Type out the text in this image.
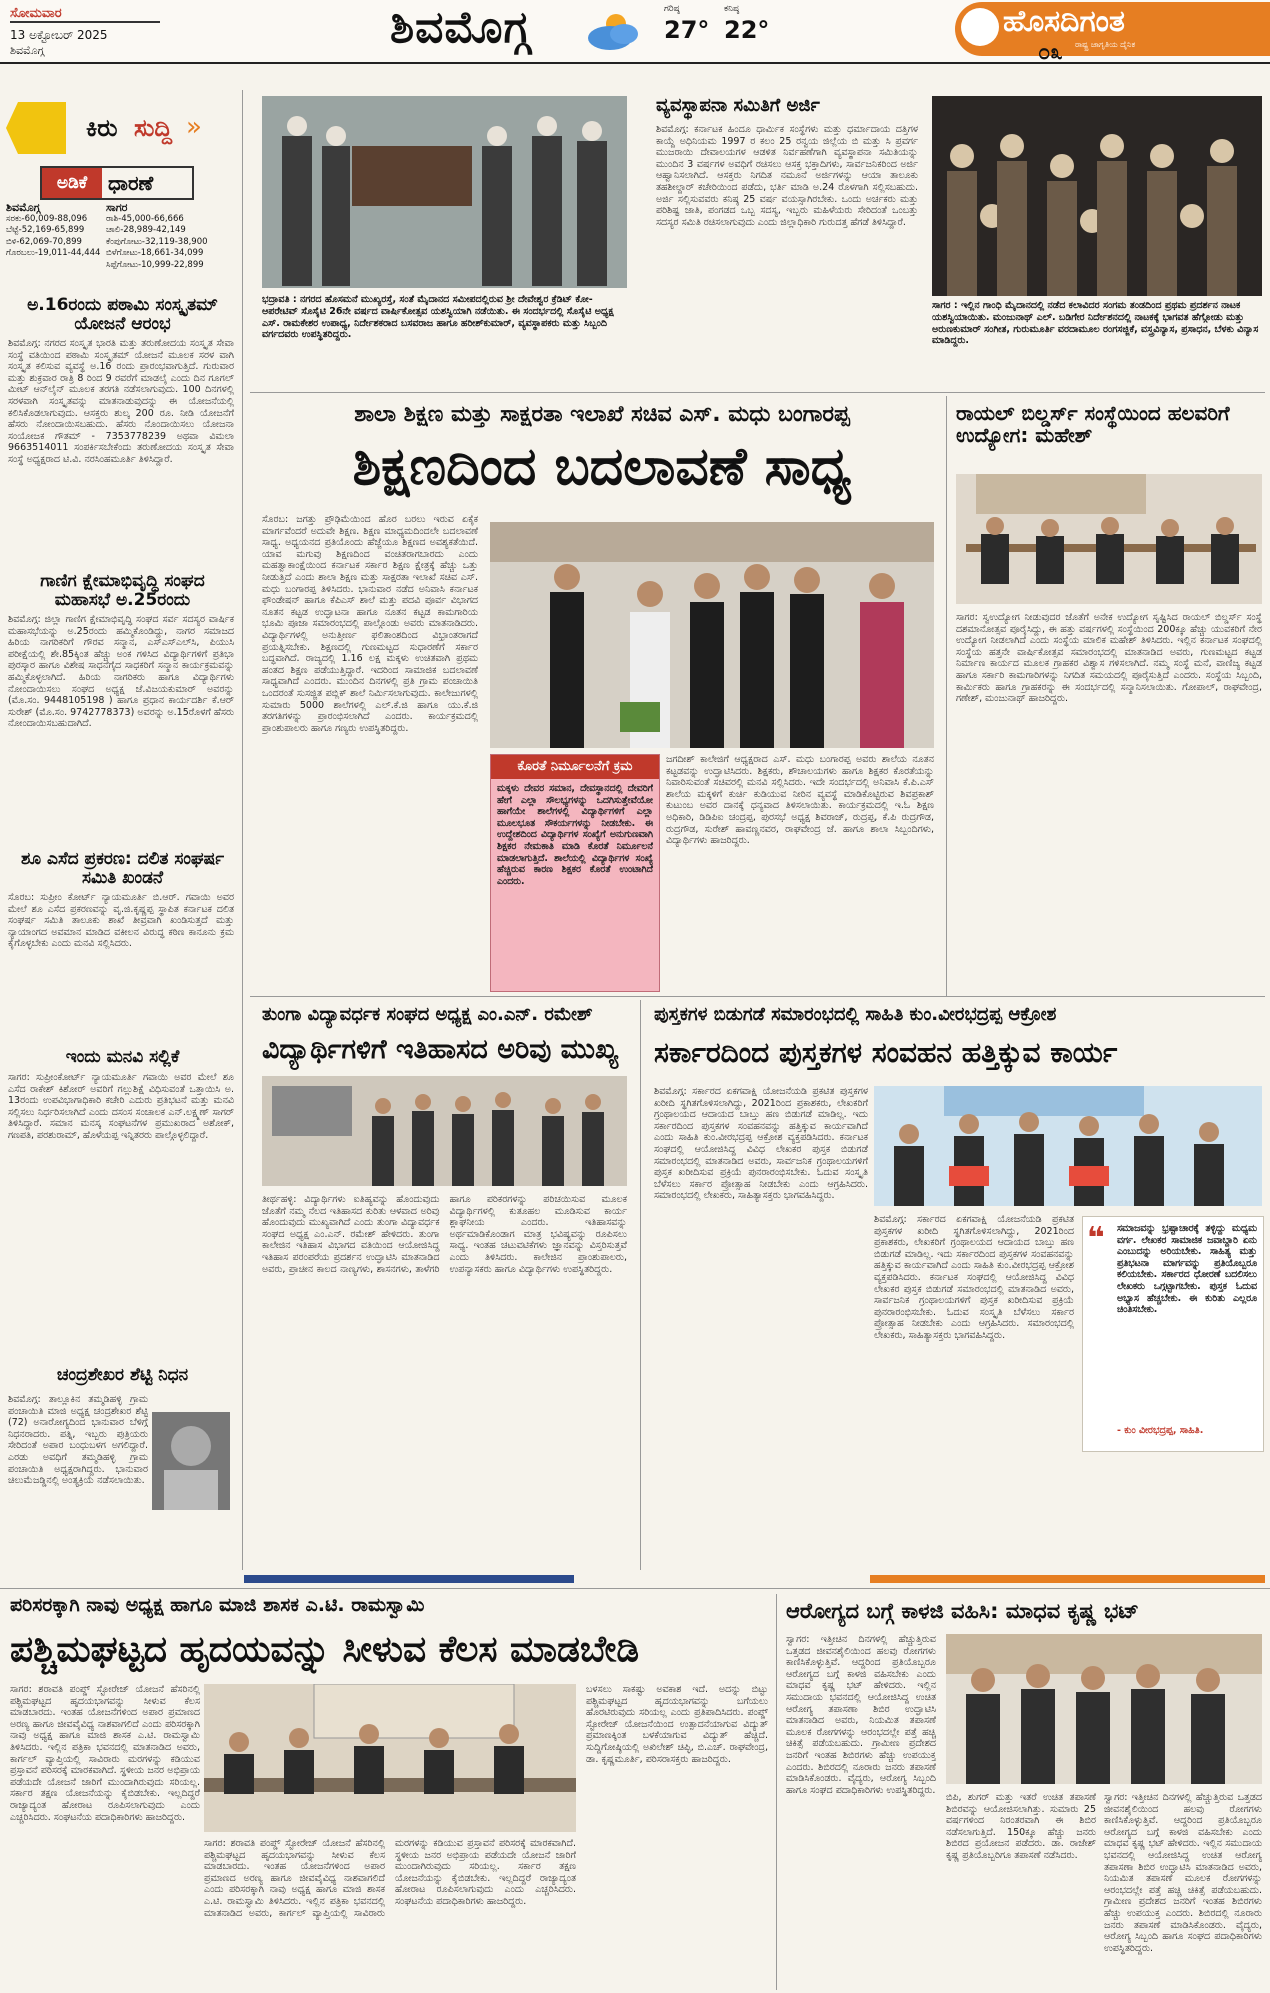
ಸೋಮವಾರ
13 ಅಕ್ಟೋಬರ್ 2025
ಶಿವಮೊಗ್ಗ	ಶಿವಮೊಗ್ಗ	ಗರಿಷ್ಠ
27°
ಕನಿಷ್ಠ
22°	ಹೊಸದಿಗಂತ
ರಾಷ್ಟ್ರ ಜಾಗೃತಿಯ ದೈನಿಕ
೦೩
ಕಿರು ಸುದ್ದಿ »
ಅಡಿಕೆ	ಧಾರಣೆ
ಶಿವಮೊಗ್ಗ
ಸರಕು-60,009-88,096
ಬೆಟ್ಟೆ-52,169-65,899
ಬಿಳಿ-62,069-70,899
ಗೊರಬಲು-19,011-44,444
ಸಾಗರ
ರಾಶಿ-45,000-66,666
ಚಾಲಿ-28,989-42,149
ಕೆಂಪುಗೋಟು-32,119-38,900
ಬಿಳೆಗೋಟು-18,661-34,099
ಸಿಪ್ಪೆಗೋಟು-10,999-22,899
ಅ.16ರಂದು ಪಠಾಮಿ ಸಂಸ್ಕೃತಮ್ ಯೋಜನೆ ಆರಂಭ
ಶಿವಮೊಗ್ಗ: ನಗರದ ಸಂಸ್ಕೃತ ಭಾರತಿ ಮತ್ತು ತರುಣೋದಯ ಸಂಸ್ಕೃತ ಸೇವಾ ಸಂಸ್ಥೆ ವತಿಯಿಂದ ಪಠಾಮಿ ಸಂಸ್ಕೃತಮ್ ಯೋಜನೆ ಮೂಲಕ ಸರಳ ವಾಗಿ ಸಂಸ್ಕೃತ ಕಲಿಸುವ ವ್ಯವಸ್ಥೆ ಅ.16 ರಂದು ಪ್ರಾರಂಭವಾಗುತ್ತಿದೆ. ಗುರುವಾರ ಮತ್ತು ಶುಕ್ರವಾರ ರಾತ್ರಿ 8 ರಿಂದ 9 ರವರೆಗೆ ಮಾಡಲೈ ಎಂದು ದಿನ ಗೂಗಲ್ ಮೀಟ್ ಆನ್‌ಲೈನ್ ಮೂಲಕ ತರಗತಿ ನಡೆಸಲಾಗುವುದು. 100 ದಿನಗಳಲ್ಲಿ ಸರಳವಾಗಿ ಸಂಸ್ಕೃತವನ್ನು ಮಾತನಾಡುವುದನ್ನು ಈ ಯೋಜನೆಯಲ್ಲಿ ಕಲಿಸಿಕೊಡಲಾಗುವುದು. ಆಸಕ್ತರು ಶುಲ್ಕ 200 ರೂ. ನೀಡಿ ಯೋಜನೆಗೆ ಹೆಸರು ನೋಂದಾಯಿಸಬಹುದು. ಹೆಸರು ನೊಂದಾಯಿಸಲು ಯೋಜನಾ ಸಂಯೋಜಕ ಗೌತಮ್ - 7353778239 ಅಥವಾ ವಿಮಲಾ 9663514011 ಸಂಪರ್ಕಿಸಬೇಕೆಂದು ತರುಣೋದಯ ಸಂಸ್ಕೃತ ಸೇವಾ ಸಂಸ್ಥೆ ಅಧ್ಯಕ್ಷರಾದ ಟಿ.ವಿ. ನರಸಿಂಹಮೂರ್ತಿ ತಿಳಿಸಿದ್ದಾರೆ.
ಗಾಣಿಗ ಕ್ಷೇಮಾಭಿವೃದ್ಧಿ ಸಂಘದ ಮಹಾಸಭೆ ಅ.25ರಂದು
ಶಿವಮೊಗ್ಗ: ಜಿಲ್ಲಾ ಗಾಣಿಗ ಕ್ಷೇಮಾಭಿವೃದ್ಧಿ ಸಂಘದ ಸರ್ವ ಸದಸ್ಯರ ವಾರ್ಷಿಕ ಮಹಾಸಭೆಯನ್ನು ಅ.25ರಂದು ಹಮ್ಮಿಕೊಂಡಿದ್ದು, ನಾಗರ ಸಮಾಜದ ಹಿರಿಯ ನಾಗರಿಕರಿಗೆ ಗೌರವ ಸನ್ಮಾನ, ಎಸ್‌ಎಸ್‌ಎಲ್‌ಸಿ, ಪಿಯುಸಿ ಪರೀಕ್ಷೆಯಲ್ಲಿ ಶೇ.85ಕ್ಕಿಂತ ಹೆಚ್ಚು ಅಂಕ ಗಳಿಸಿದ ವಿದ್ಯಾರ್ಥಿಗಳಿಗೆ ಪ್ರತಿಭಾ ಪುರಸ್ಕಾರ ಹಾಗೂ ವಿಶೇಷ ಸಾಧನೆಗೈದ ಸಾಧಕರಿಗೆ ಸನ್ಮಾನ ಕಾರ್ಯಕ್ರಮವನ್ನು ಹಮ್ಮಿಕೊಳ್ಳಲಾಗಿದೆ. ಹಿರಿಯ ನಾಗರಿಕರು ಹಾಗೂ ವಿದ್ಯಾರ್ಥಿಗಳು ನೋಂದಾಯಿಸಲು ಸಂಘದ ಅಧ್ಯಕ್ಷ ಜೆ.ವಿಜಯಕುಮಾರ್ ಅವರನ್ನು (ಮೊ.ಸಂ. 9448105198 ) ಹಾಗೂ ಪ್ರಧಾನ ಕಾರ್ಯದರ್ಶಿ ಕೆ.ಆರ್ ಸುರೇಶ್ (ಮೊ.ಸಂ. 9742778373) ಅವರನ್ನು ಅ.15ರೊಳಗೆ ಹೆಸರು ನೋಂದಾಯಿಸಬಹುದಾಗಿದೆ.
ಶೂ ಎಸೆದ ಪ್ರಕರಣ: ದಲಿತ ಸಂಘರ್ಷ ಸಮಿತಿ ಖಂಡನೆ
ಸೊರಬ: ಸುಪ್ರೀಂ ಕೋರ್ಟ್ ನ್ಯಾಯಮೂರ್ತಿ ಬಿ.ಆರ್. ಗವಾಯಿ ಅವರ ಮೇಲೆ ಶೂ ಎಸೆದ ಪ್ರಕರಣವನ್ನು ವೃ.ಜಿ.ಕೃಷ್ಣಪ್ಪ ಸ್ಥಾಪಿತ ಕರ್ನಾಟಕ ದಲಿತ ಸಂಘರ್ಷ ಸಮಿತಿ ತಾಲೂಕು ಶಾಖೆ ತೀವ್ರವಾಗಿ ಖಂಡಿಸುತ್ತದೆ ಮತ್ತು ನ್ಯಾಯಾಂಗದ ಅವಮಾನ ಮಾಡಿದ ವಕೀಲನ ವಿರುದ್ಧ ಕಠಿಣ ಕಾನೂನು ಕ್ರಮ ಕೈಗೊಳ್ಳಬೇಕು ಎಂದು ಮನವಿ ಸಲ್ಲಿಸಿದರು.
ಇಂದು ಮನವಿ ಸಲ್ಲಿಕೆ
ಸಾಗರ: ಸುಪ್ರೀಂಕೋರ್ಟ್ ನ್ಯಾಯಮೂರ್ತಿ ಗವಾಯಿ ಅವರ ಮೇಲೆ ಶೂ ಎಸೆದ ರಾಕೇಶ್ ಕಿಶೋರ್ ಅವರಿಗೆ ಗಲ್ಲುಶಿಕ್ಷೆ ವಿಧಿಸುವಂತೆ ಒತ್ತಾಯಿಸಿ ಅ. 13ರಂದು ಉಪವಿಭಾಗಾಧಿಕಾರಿ ಕಚೇರಿ ಎದುರು ಪ್ರತಿಭಟನೆ ಮತ್ತು ಮನವಿ ಸಲ್ಲಿಸಲು ನಿರ್ಧರಿಸಲಾಗಿದೆ ಎಂದು ದಸಂಸ ಸಂಚಾಲಕ ಎನ್.ಲಕ್ಷ್ಮಣ್ ಸಾಗರ್ ತಿಳಿಸಿದ್ದಾರೆ. ಸಮಾನ ಮನಸ್ಕ ಸಂಘಟನೆಗಳ ಪ್ರಮುಖರಾದ ಅಶೋಕ್, ಗಣಪತಿ, ಪರಶುರಾಮ್, ಹೊಳೆಯಪ್ಪ ಇನ್ನಿತರರು ಪಾಲ್ಗೊಳ್ಳಲಿದ್ದಾರೆ.
ಚಂದ್ರಶೇಖರ ಶೆಟ್ಟಿ ನಿಧನ
ಶಿವಮೊಗ್ಗ: ತಾಲ್ಲೂಕಿನ ತಮ್ಮಡಿಹಳ್ಳಿ ಗ್ರಾಮ ಪಂಚಾಯಿತಿ ಮಾಜಿ ಅಧ್ಯಕ್ಷ ಚಂದ್ರಶೇಖರ ಶೆಟ್ಟಿ (72) ಅನಾರೋಗ್ಯದಿಂದ ಭಾನುವಾರ ಬೆಳಿಗ್ಗೆ ನಿಧನರಾದರು. ಪತ್ನಿ, ಇಬ್ಬರು ಪುತ್ರಿಯರು ಸೇರಿದಂತೆ ಅಪಾರ ಬಂಧುಬಳಗ ಅಗಲಿದ್ದಾರೆ. ಎರಡು ಅವಧಿಗೆ ತಮ್ಮಡಿಹಳ್ಳಿ ಗ್ರಾಮ ಪಂಚಾಯಿತಿ ಅಧ್ಯಕ್ಷರಾಗಿದ್ದರು. ಭಾನುವಾರ ಚಿಲುಮೆಜಡ್ಡಿನಲ್ಲಿ ಅಂತ್ಯಕ್ರಿಯೆ ನಡೆಸಲಾಯಿತು.
ಭದ್ರಾವತಿ : ನಗರದ ಹೊಸಮನೆ ಮುಖ್ಯರಸ್ತೆ, ಸಂತೆ ಮೈದಾನದ ಸಮೀಪದಲ್ಲಿರುವ ಶ್ರೀ ದೇವೇಶ್ವರ ಕ್ರೆಡಿಟ್ ಕೋ-ಆಪರೇಟಿವ್ ಸೊಸೈಟಿ 26ನೇ ವರ್ಷದ ವಾರ್ಷಿಕೋತ್ಸವ ಯಶಸ್ವಿಯಾಗಿ ನಡೆಯಿತು. ಈ ಸಂದರ್ಭದಲ್ಲಿ ಸೊಸೈಟಿ ಅಧ್ಯಕ್ಷ ಎಸ್. ರಾಮಕೇಶರ ಉಪಾಧ್ಯ, ನಿರ್ದೇಶಕರಾದ ಬಸವರಾಜ ಹಾಗೂ ಹರೀಶ್‌ಕುಮಾರ್, ವ್ಯವಸ್ಥಾಪಕರು ಮತ್ತು ಸಿಬ್ಬಂದಿ ವರ್ಗದವರು ಉಪಸ್ಥಿತರಿದ್ದರು.
ವ್ಯವಸ್ಥಾಪನಾ ಸಮಿತಿಗೆ ಅರ್ಜಿ
ಶಿವಮೊಗ್ಗ: ಕರ್ನಾಟಕ ಹಿಂದೂ ಧಾರ್ಮಿಕ ಸಂಸ್ಥೆಗಳು ಮತ್ತು ಧರ್ಮಾದಾಯ ದತ್ತಿಗಳ ಕಾಯ್ದೆ ಅಧಿನಿಯಮ 1997 ರ ಕಲಂ 25 ರನ್ವಯ ಜಿಲ್ಲೆಯ ಬಿ ಮತ್ತು ಸಿ ಪ್ರವರ್ಗ ಮುಜರಾಯಿ ದೇವಾಲಯಗಳ ಆಡಳಿತ ನಿರ್ವಹಣೆಗಾಗಿ ವ್ಯವಸ್ಥಾಪನಾ ಸಮಿತಿಯನ್ನು ಮುಂದಿನ 3 ವರ್ಷಗಳ ಅವಧಿಗೆ ರಚಿಸಲು ಆಸಕ್ತ ಭಕ್ತಾದಿಗಳು, ಸಾರ್ವಜನಿಕರಿಂದ ಅರ್ಜಿ ಆಹ್ವಾನಿಸಲಾಗಿದೆ. ಆಸಕ್ತರು ನಿಗದಿತ ನಮೂನೆ ಅರ್ಜಿಗಳನ್ನು ಆಯಾ ತಾಲೂಕು ತಹಶೀಲ್ದಾರ್ ಕಚೇರಿಯಿಂದ ಪಡೆದು, ಭರ್ತಿ ಮಾಡಿ ಅ.24 ರೊಳಗಾಗಿ ಸಲ್ಲಿಸಬಹುದು. ಅರ್ಜಿ ಸಲ್ಲಿಸುವವರು ಕನಿಷ್ಠ 25 ವರ್ಷ ವಯಸ್ಸಾಗಿರಬೇಕು. ಒಂದು ಅರ್ಚಕರು ಮತ್ತು ಪರಿಶಿಷ್ಟ ಜಾತಿ, ಪಂಗಡದ ಒಬ್ಬ ಸದಸ್ಯ, ಇಬ್ಬರು ಮಹಿಳೆಯರು ಸೇರಿದಂತೆ ಒಂಬತ್ತು ಸದಸ್ಯರ ಸಮಿತಿ ರಚಿಸಲಾಗುವುದು ಎಂದು ಜಿಲ್ಲಾಧಿಕಾರಿ ಗುರುದತ್ತ ಹೆಗಡೆ ತಿಳಿಸಿದ್ದಾರೆ.
ಸಾಗರ : ಇಲ್ಲಿನ ಗಾಂಧಿ ಮೈದಾನದಲ್ಲಿ ನಡೆದ ಕಲಾವಿದರ ಸಂಗಮ ತಂಡದಿಂದ ಪ್ರಥಮ ಪ್ರದರ್ಶನ ನಾಟಕ ಯಶಸ್ವಿಯಾಯಿತು. ಮಂಜುನಾಥ್ ಎಲ್. ಬಡಿಗೇರ ನಿರ್ದೇಶನದಲ್ಲಿ ನಾಟಕಕ್ಕೆ ಭಾಗವತ ಹೆಗ್ಗೋಡು ಮತ್ತು ಅರುಣಕುಮಾರ್ ಸಂಗೀತ, ಗುರುಮೂರ್ತಿ ವರದಾಮೂಲ ರಂಗಸಜ್ಜಿಕೆ, ವಸ್ತ್ರವಿನ್ಯಾಸ, ಪ್ರಸಾಧನ, ಬೆಳಕು ವಿನ್ಯಾಸ ಮಾಡಿದ್ದರು.
ಶಾಲಾ ಶಿಕ್ಷಣ ಮತ್ತು ಸಾಕ್ಷರತಾ ಇಲಾಖೆ ಸಚಿವ ಎಸ್. ಮಧು ಬಂಗಾರಪ್ಪ
ಶಿಕ್ಷಣದಿಂದ ಬದಲಾವಣೆ ಸಾಧ್ಯ
ಸೊರಬ: ಜಗತ್ತು ಪ್ರೌಢಿಮೆಯಿಂದ ಹೊರ ಬರಲು ಇರುವ ಏಕೈಕ ಮಾರ್ಗವೆಂದರೆ ಅದುವೇ ಶಿಕ್ಷಣ. ಶಿಕ್ಷಣ ಮಾಧ್ಯಮದಿಂದಲೇ ಬದಲಾವಣೆ ಸಾಧ್ಯ. ಅಧ್ಯಯನದ ಪ್ರತಿಯೊಂದು ಹೆಜ್ಜೆಯೂ ಶಿಕ್ಷಣದ ಅವಶ್ಯಕತೆಯಿದೆ. ಯಾವ ಮಗುವು ಶಿಕ್ಷಣದಿಂದ ವಂಚಿತರಾಗಬಾರದು ಎಂದು ಮಹತ್ವಾಕಾಂಕ್ಷೆಯಿಂದ ಕರ್ನಾಟಕ ಸರ್ಕಾರ ಶಿಕ್ಷಣ ಕ್ಷೇತ್ರಕ್ಕೆ ಹೆಚ್ಚು ಒತ್ತು ನೀಡುತ್ತಿದೆ ಎಂದು ಶಾಲಾ ಶಿಕ್ಷಣ ಮತ್ತು ಸಾಕ್ಷರತಾ ಇಲಾಖೆ ಸಚಿವ ಎಸ್. ಮಧು ಬಂಗಾರಪ್ಪ ತಿಳಿಸಿದರು. ಭಾನುವಾರ ನಡೆದ ಅನಿವಾಸಿ ಕರ್ನಾಟಕ ಫೌಂಡೇಷನ್ ಹಾಗೂ ಕೆಪಿಎಸ್ ಶಾಲೆ ಮತ್ತು ಪದವಿ ಪೂರ್ವ ವಿಭಾಗದ ನೂತನ ಕಟ್ಟಡ ಉದ್ಘಾಟನಾ ಹಾಗೂ ನೂತನ ಕಟ್ಟಡ ಕಾಮಗಾರಿಯ ಭೂಮಿ ಪೂಜಾ ಸಮಾರಂಭದಲ್ಲಿ ಪಾಲ್ಗೊಂಡು ಅವರು ಮಾತನಾಡಿದರು. ವಿದ್ಯಾರ್ಥಿಗಳಲ್ಲಿ ಅನುತ್ತೀರ್ಣ ಫಲಿತಾಂಶದಿಂದ ವಿಭ್ರಾಂತರಾಗದೆ ಪ್ರಯತ್ನಿಸಬೇಕು. ಶಿಕ್ಷಣದಲ್ಲಿ ಗುಣಮಟ್ಟದ ಸುಧಾರಣೆಗೆ ಸರ್ಕಾರ ಬದ್ಧವಾಗಿದೆ. ರಾಜ್ಯದಲ್ಲಿ 1.16 ಲಕ್ಷ ಮಕ್ಕಳು ಉಚಿತವಾಗಿ ಪ್ರಥಮ ಹಂತದ ಶಿಕ್ಷಣ ಪಡೆಯುತ್ತಿದ್ದಾರೆ. ಇದರಿಂದ ಸಾಮಾಜಿಕ ಬದಲಾವಣೆ ಸಾಧ್ಯವಾಗಿದೆ ಎಂದರು. ಮುಂದಿನ ದಿನಗಳಲ್ಲಿ ಪ್ರತಿ ಗ್ರಾಮ ಪಂಚಾಯಿತಿ ಒಂದರಂತೆ ಸುಸಜ್ಜಿತ ಪಬ್ಲಿಕ್ ಶಾಲೆ ನಿರ್ಮಿಸಲಾಗುವುದು. ಕಾಲೇಜುಗಳಲ್ಲಿ ಸುಮಾರು 5000 ಶಾಲೆಗಳಲ್ಲಿ ಎಲ್.ಕೆ.ಜಿ ಹಾಗೂ ಯು.ಕೆ.ಜಿ ತರಗತಿಗಳನ್ನು ಪ್ರಾರಂಭಿಸಲಾಗಿದೆ ಎಂದರು. ಕಾರ್ಯಕ್ರಮದಲ್ಲಿ ಪ್ರಾಂಶುಪಾಲರು ಹಾಗೂ ಗಣ್ಯರು ಉಪಸ್ಥಿತರಿದ್ದರು.
ಜಗದೀಶ್ ಕಾಲೇಜಿಗೆ ಆಧ್ಯಕ್ಷರಾದ ಎಸ್. ಮಧು ಬಂಗಾರಪ್ಪ ಅವರು ಶಾಲೆಯ ನೂತನ ಕಟ್ಟಡವನ್ನು ಉದ್ಘಾಟಿಸಿದರು. ಶಿಕ್ಷಕರು, ಶೌಚಾಲಯಗಳು ಹಾಗೂ ಶಿಕ್ಷಕರ ಕೊರತೆಯನ್ನು ನಿವಾರಿಸುವಂತೆ ಸಚಿವರಲ್ಲಿ ಮನವಿ ಸಲ್ಲಿಸಿದರು. ಇದೇ ಸಂದರ್ಭದಲ್ಲಿ ಅನಿವಾಸಿ ಕೆ.ಪಿ.ಎಸ್ ಶಾಲೆಯ ಮಕ್ಕಳಿಗೆ ಕುರ್ಚಿ ಕುಡಿಯುವ ನೀರಿನ ವ್ಯವಸ್ಥೆ ಮಾಡಿಕೊಟ್ಟಿರುವ ಶಿವಪ್ರಕಾಶ್ ಕುಟುಂಬ ಅವರ ದಾನಕ್ಕೆ ಧನ್ಯವಾದ ತಿಳಿಸಲಾಯಿತು. ಕಾರ್ಯಕ್ರಮದಲ್ಲಿ ಇ.ಓ ಶಿಕ್ಷಣ ಅಧಿಕಾರಿ, ಡಿಡಿಪಿಐ ಚಂದ್ರಪ್ಪ, ಪುರಸಭೆ ಅಧ್ಯಕ್ಷ ಶಿವರಾಜ್, ರುದ್ರಪ್ಪ, ಕೆ.ಪಿ ರುದ್ರಗೌಡ, ರುದ್ರಗೌಡ, ಸುರೇಶ್ ಹಾವಣ್ಣನವರ, ರಾಘವೇಂದ್ರ ಜೆ. ಹಾಗೂ ಶಾಲಾ ಸಿಬ್ಬಂದಿಗಳು, ವಿದ್ಯಾರ್ಥಿಗಳು ಹಾಜರಿದ್ದರು.
ಕೊರತೆ ನಿರ್ಮೂಲನೆಗೆ ಕ್ರಮ
ಮಕ್ಕಳು ದೇವರ ಸಮಾನ, ದೇವಸ್ಥಾನದಲ್ಲಿ ದೇವರಿಗೆ ಹೇಗೆ ಎಲ್ಲಾ ಸೌಲಭ್ಯಗಳನ್ನು ಒದಗಿಸುತ್ತೇವೆಯೋ ಹಾಗೆಯೇ ಶಾಲೆಗಳಲ್ಲಿ ವಿದ್ಯಾರ್ಥಿಗಳಿಗೆ ಎಲ್ಲಾ ಮೂಲಭೂತ ಸೌಕರ್ಯಗಳನ್ನು ನೀಡಬೇಕು. ಈ ಉದ್ದೇಶದಿಂದ ವಿದ್ಯಾರ್ಥಿಗಳ ಸಂಖ್ಯೆಗೆ ಅನುಗುಣವಾಗಿ ಶಿಕ್ಷಕರ ನೇಮಕಾತಿ ಮಾಡಿ ಕೊರತೆ ನಿರ್ಮೂಲನೆ ಮಾಡಲಾಗುತ್ತಿದೆ. ಶಾಲೆಯಲ್ಲಿ ವಿದ್ಯಾರ್ಥಿಗಳ ಸಂಖ್ಯೆ ಹೆಚ್ಚಿರುವ ಕಾರಣ ಶಿಕ್ಷಕರ ಕೊರತೆ ಉಂಟಾಗಿದೆ ಎಂದರು.
ರಾಯಲ್ ಬಿಲ್ಡರ್ಸ್ ಸಂಸ್ಥೆಯಿಂದ ಹಲವರಿಗೆ ಉದ್ಯೋಗ: ಮಹೇಶ್
ಸಾಗರ: ಸ್ವಉದ್ಯೋಗ ನೀಡುವುದರ ಜೊತೆಗೆ ಅನೇಕ ಉದ್ಯೋಗ ಸೃಷ್ಟಿಸಿದ ರಾಯಲ್ ಬಿಲ್ಡರ್ಸ್ ಸಂಸ್ಥೆ ದಶಮಾನೋತ್ಸವ ಪೂರೈಸಿದ್ದು, ಈ ಹತ್ತು ವರ್ಷಗಳಲ್ಲಿ ಸಂಸ್ಥೆಯಿಂದ 200ಕ್ಕೂ ಹೆಚ್ಚು ಯುವಕರಿಗೆ ನೇರ ಉದ್ಯೋಗ ನೀಡಲಾಗಿದೆ ಎಂದು ಸಂಸ್ಥೆಯ ಮಾಲಿಕ ಮಹೇಶ್ ತಿಳಿಸಿದರು. ಇಲ್ಲಿನ ಕರ್ನಾಟಕ ಸಂಘದಲ್ಲಿ ಸಂಸ್ಥೆಯ ಹತ್ತನೇ ವಾರ್ಷಿಕೋತ್ಸವ ಸಮಾರಂಭದಲ್ಲಿ ಮಾತನಾಡಿದ ಅವರು, ಗುಣಮಟ್ಟದ ಕಟ್ಟಡ ನಿರ್ಮಾಣ ಕಾರ್ಯದ ಮೂಲಕ ಗ್ರಾಹಕರ ವಿಶ್ವಾಸ ಗಳಿಸಲಾಗಿದೆ. ನಮ್ಮ ಸಂಸ್ಥೆ ಮನೆ, ವಾಣಿಜ್ಯ ಕಟ್ಟಡ ಹಾಗೂ ಸರ್ಕಾರಿ ಕಾಮಗಾರಿಗಳನ್ನು ನಿಗದಿತ ಸಮಯದಲ್ಲಿ ಪೂರೈಸುತ್ತಿದೆ ಎಂದರು. ಸಂಸ್ಥೆಯ ಸಿಬ್ಬಂದಿ, ಕಾರ್ಮಿಕರು ಹಾಗೂ ಗ್ರಾಹಕರನ್ನು ಈ ಸಂದರ್ಭದಲ್ಲಿ ಸನ್ಮಾನಿಸಲಾಯಿತು. ಗೋಪಾಲ್, ರಾಘವೇಂದ್ರ, ಗಣೇಶ್, ಮಂಜುನಾಥ್ ಹಾಜರಿದ್ದರು.
ತುಂಗಾ ವಿದ್ಯಾವರ್ಧಕ ಸಂಘದ ಅಧ್ಯಕ್ಷ ಎಂ.ಎನ್. ರಮೇಶ್
ವಿದ್ಯಾರ್ಥಿಗಳಿಗೆ ಇತಿಹಾಸದ ಅರಿವು ಮುಖ್ಯ
ತೀರ್ಥಹಳ್ಳಿ: ವಿದ್ಯಾರ್ಥಿಗಳು ಐತಿಹ್ಯವನ್ನು ಹೊಂದುವುದು ಜೊತೆಗೆ ನಮ್ಮ ನೆಲದ ಇತಿಹಾಸದ ಕುರಿತು ಆಳವಾದ ಅರಿವು ಹೊಂದುವುದು ಮುಖ್ಯವಾಗಿದೆ ಎಂದು ತುಂಗಾ ವಿದ್ಯಾವರ್ಧಕ ಸಂಘದ ಅಧ್ಯಕ್ಷ ಎಂ.ಎನ್. ರಮೇಶ್ ಹೇಳಿದರು. ತುಂಗಾ ಕಾಲೇಜಿನ ಇತಿಹಾಸ ವಿಭಾಗದ ವತಿಯಿಂದ ಆಯೋಜಿಸಿದ್ದ ಇತಿಹಾಸ ಪರಂಪರೆಯ ಪ್ರದರ್ಶನ ಉದ್ಘಾಟಿಸಿ ಮಾತನಾಡಿದ ಅವರು, ಪ್ರಾಚೀನ ಕಾಲದ ನಾಣ್ಯಗಳು, ಶಾಸನಗಳು, ತಾಳೆಗರಿ ಹಾಗೂ ಪರಿಕರಗಳನ್ನು ಪರಿಚಯಿಸುವ ಮೂಲಕ ವಿದ್ಯಾರ್ಥಿಗಳಲ್ಲಿ ಕುತೂಹಲ ಮೂಡಿಸುವ ಕಾರ್ಯ ಶ್ಲಾಘನೀಯ ಎಂದರು. ಇತಿಹಾಸವನ್ನು ಅರ್ಥಮಾಡಿಕೊಂಡಾಗ ಮಾತ್ರ ಭವಿಷ್ಯವನ್ನು ರೂಪಿಸಲು ಸಾಧ್ಯ. ಇಂತಹ ಚಟುವಟಿಕೆಗಳು ಜ್ಞಾನವನ್ನು ವಿಸ್ತರಿಸುತ್ತವೆ ಎಂದು ತಿಳಿಸಿದರು. ಕಾಲೇಜಿನ ಪ್ರಾಂಶುಪಾಲರು, ಉಪನ್ಯಾಸಕರು ಹಾಗೂ ವಿದ್ಯಾರ್ಥಿಗಳು ಉಪಸ್ಥಿತರಿದ್ದರು.
ಪುಸ್ತಕಗಳ ಬಿಡುಗಡೆ ಸಮಾರಂಭದಲ್ಲಿ ಸಾಹಿತಿ ಕುಂ.ವೀರಭದ್ರಪ್ಪ ಆಕ್ರೋಶ
ಸರ್ಕಾರದಿಂದ ಪುಸ್ತಕಗಳ ಸಂವಹನ ಹತ್ತಿಕ್ಕುವ ಕಾರ್ಯ
ಶಿವಮೊಗ್ಗ: ಸರ್ಕಾರದ ಏಕಗವಾಕ್ಷಿ ಯೋಜನೆಯಡಿ ಪ್ರಕಟಿತ ಪುಸ್ತಕಗಳ ಖರೀದಿ ಸ್ಥಗಿತಗೊಳಿಸಲಾಗಿದ್ದು, 2021ರಿಂದ ಪ್ರಕಾಶಕರು, ಲೇಖಕರಿಗೆ ಗ್ರಂಥಾಲಯದ ಆದಾಯದ ಬಾಬ್ತು ಹಣ ಬಿಡುಗಡೆ ಮಾಡಿಲ್ಲ. ಇದು ಸರ್ಕಾರದಿಂದ ಪುಸ್ತಕಗಳ ಸಂವಹನವನ್ನು ಹತ್ತಿಕ್ಕುವ ಕಾರ್ಯವಾಗಿದೆ ಎಂದು ಸಾಹಿತಿ ಕುಂ.ವೀರಭದ್ರಪ್ಪ ಆಕ್ರೋಶ ವ್ಯಕ್ತಪಡಿಸಿದರು. ಕರ್ನಾಟಕ ಸಂಘದಲ್ಲಿ ಆಯೋಜಿಸಿದ್ದ ವಿವಿಧ ಲೇಖಕರ ಪುಸ್ತಕ ಬಿಡುಗಡೆ ಸಮಾರಂಭದಲ್ಲಿ ಮಾತನಾಡಿದ ಅವರು, ಸಾರ್ವಜನಿಕ ಗ್ರಂಥಾಲಯಗಳಿಗೆ ಪುಸ್ತಕ ಖರೀದಿಸುವ ಪ್ರಕ್ರಿಯೆ ಪುನರಾರಂಭಿಸಬೇಕು. ಓದುವ ಸಂಸ್ಕೃತಿ ಬೆಳೆಸಲು ಸರ್ಕಾರ ಪ್ರೋತ್ಸಾಹ ನೀಡಬೇಕು ಎಂದು ಆಗ್ರಹಿಸಿದರು. ಸಮಾರಂಭದಲ್ಲಿ ಲೇಖಕರು, ಸಾಹಿತ್ಯಾಸಕ್ತರು ಭಾಗವಹಿಸಿದ್ದರು.
ಶಿವಮೊಗ್ಗ: ಸರ್ಕಾರದ ಏಕಗವಾಕ್ಷಿ ಯೋಜನೆಯಡಿ ಪ್ರಕಟಿತ ಪುಸ್ತಕಗಳ ಖರೀದಿ ಸ್ಥಗಿತಗೊಳಿಸಲಾಗಿದ್ದು, 2021ರಿಂದ ಪ್ರಕಾಶಕರು, ಲೇಖಕರಿಗೆ ಗ್ರಂಥಾಲಯದ ಆದಾಯದ ಬಾಬ್ತು ಹಣ ಬಿಡುಗಡೆ ಮಾಡಿಲ್ಲ. ಇದು ಸರ್ಕಾರದಿಂದ ಪುಸ್ತಕಗಳ ಸಂವಹನವನ್ನು ಹತ್ತಿಕ್ಕುವ ಕಾರ್ಯವಾಗಿದೆ ಎಂದು ಸಾಹಿತಿ ಕುಂ.ವೀರಭದ್ರಪ್ಪ ಆಕ್ರೋಶ ವ್ಯಕ್ತಪಡಿಸಿದರು. ಕರ್ನಾಟಕ ಸಂಘದಲ್ಲಿ ಆಯೋಜಿಸಿದ್ದ ವಿವಿಧ ಲೇಖಕರ ಪುಸ್ತಕ ಬಿಡುಗಡೆ ಸಮಾರಂಭದಲ್ಲಿ ಮಾತನಾಡಿದ ಅವರು, ಸಾರ್ವಜನಿಕ ಗ್ರಂಥಾಲಯಗಳಿಗೆ ಪುಸ್ತಕ ಖರೀದಿಸುವ ಪ್ರಕ್ರಿಯೆ ಪುನರಾರಂಭಿಸಬೇಕು. ಓದುವ ಸಂಸ್ಕೃತಿ ಬೆಳೆಸಲು ಸರ್ಕಾರ ಪ್ರೋತ್ಸಾಹ ನೀಡಬೇಕು ಎಂದು ಆಗ್ರಹಿಸಿದರು. ಸಮಾರಂಭದಲ್ಲಿ ಲೇಖಕರು, ಸಾಹಿತ್ಯಾಸಕ್ತರು ಭಾಗವಹಿಸಿದ್ದರು.
❝ ಸಮಾಜವನ್ನು ಭ್ರಷ್ಟಾಚಾರಕ್ಕೆ ತಳ್ಳಿದ್ದು ಮಧ್ಯಮ ವರ್ಗ. ಲೇಖಕರ ಸಾಮಾಜಿಕ ಜವಾಬ್ದಾರಿ ಏನು ಎಂಬುದನ್ನು ಅರಿಯಬೇಕು. ಸಾಹಿತ್ಯ ಮತ್ತು ಪ್ರತಿಭಟನಾ ಮಾರ್ಗವನ್ನು ಪ್ರತಿಯೊಬ್ಬರೂ ಕಲಿಯಬೇಕು. ಸರ್ಕಾರದ ಧೋರಣೆ ಬದಲಿಸಲು ಲೇಖಕರು ಒಗ್ಗಟ್ಟಾಗಬೇಕು. ಪುಸ್ತಕ ಓದುವ ಅಭ್ಯಾಸ ಹೆಚ್ಚಬೇಕು. ಈ ಕುರಿತು ಎಲ್ಲರೂ ಚಿಂತಿಸಬೇಕು.
- ಕುಂ ವೀರಭದ್ರಪ್ಪ, ಸಾಹಿತಿ.
ಪರಿಸರಕ್ಕಾಗಿ ನಾವು ಅಧ್ಯಕ್ಷ ಹಾಗೂ ಮಾಜಿ ಶಾಸಕ ಎ.ಟಿ. ರಾಮಸ್ವಾಮಿ
ಪಶ್ಚಿಮಘಟ್ಟದ ಹೃದಯವನ್ನು ಸೀಳುವ ಕೆಲಸ ಮಾಡಬೇಡಿ
ಸಾಗರ: ಶರಾವತಿ ಪಂಪ್ಡ್ ಸ್ಟೋರೇಜ್ ಯೋಜನೆ ಹೆಸರಿನಲ್ಲಿ ಪಶ್ಚಿಮಘಟ್ಟದ ಹೃದಯಭಾಗವನ್ನು ಸೀಳುವ ಕೆಲಸ ಮಾಡಬಾರದು. ಇಂತಹ ಯೋಜನೆಗಳಿಂದ ಅಪಾರ ಪ್ರಮಾಣದ ಅರಣ್ಯ ಹಾಗೂ ಜೀವವೈವಿಧ್ಯ ನಾಶವಾಗಲಿದೆ ಎಂದು ಪರಿಸರಕ್ಕಾಗಿ ನಾವು ಅಧ್ಯಕ್ಷ ಹಾಗೂ ಮಾಜಿ ಶಾಸಕ ಎ.ಟಿ. ರಾಮಸ್ವಾಮಿ ತಿಳಿಸಿದರು. ಇಲ್ಲಿನ ಪತ್ರಿಕಾ ಭವನದಲ್ಲಿ ಮಾತನಾಡಿದ ಅವರು, ಕಾರ್ಗಲ್ ವ್ಯಾಪ್ತಿಯಲ್ಲಿ ಸಾವಿರಾರು ಮರಗಳನ್ನು ಕಡಿಯುವ ಪ್ರಸ್ತಾವನೆ ಪರಿಸರಕ್ಕೆ ಮಾರಕವಾಗಿದೆ. ಸ್ಥಳೀಯ ಜನರ ಅಭಿಪ್ರಾಯ ಪಡೆಯದೇ ಯೋಜನೆ ಜಾರಿಗೆ ಮುಂದಾಗಿರುವುದು ಸರಿಯಲ್ಲ. ಸರ್ಕಾರ ತಕ್ಷಣ ಯೋಜನೆಯನ್ನು ಕೈಬಿಡಬೇಕು. ಇಲ್ಲದಿದ್ದರೆ ರಾಜ್ಯಾದ್ಯಂತ ಹೋರಾಟ ರೂಪಿಸಲಾಗುವುದು ಎಂದು ಎಚ್ಚರಿಸಿದರು. ಸಂಘಟನೆಯ ಪದಾಧಿಕಾರಿಗಳು ಹಾಜರಿದ್ದರು.
ಸಾಗರ: ಶರಾವತಿ ಪಂಪ್ಡ್ ಸ್ಟೋರೇಜ್ ಯೋಜನೆ ಹೆಸರಿನಲ್ಲಿ ಪಶ್ಚಿಮಘಟ್ಟದ ಹೃದಯಭಾಗವನ್ನು ಸೀಳುವ ಕೆಲಸ ಮಾಡಬಾರದು. ಇಂತಹ ಯೋಜನೆಗಳಿಂದ ಅಪಾರ ಪ್ರಮಾಣದ ಅರಣ್ಯ ಹಾಗೂ ಜೀವವೈವಿಧ್ಯ ನಾಶವಾಗಲಿದೆ ಎಂದು ಪರಿಸರಕ್ಕಾಗಿ ನಾವು ಅಧ್ಯಕ್ಷ ಹಾಗೂ ಮಾಜಿ ಶಾಸಕ ಎ.ಟಿ. ರಾಮಸ್ವಾಮಿ ತಿಳಿಸಿದರು. ಇಲ್ಲಿನ ಪತ್ರಿಕಾ ಭವನದಲ್ಲಿ ಮಾತನಾಡಿದ ಅವರು, ಕಾರ್ಗಲ್ ವ್ಯಾಪ್ತಿಯಲ್ಲಿ ಸಾವಿರಾರು ಮರಗಳನ್ನು ಕಡಿಯುವ ಪ್ರಸ್ತಾವನೆ ಪರಿಸರಕ್ಕೆ ಮಾರಕವಾಗಿದೆ. ಸ್ಥಳೀಯ ಜನರ ಅಭಿಪ್ರಾಯ ಪಡೆಯದೇ ಯೋಜನೆ ಜಾರಿಗೆ ಮುಂದಾಗಿರುವುದು ಸರಿಯಲ್ಲ. ಸರ್ಕಾರ ತಕ್ಷಣ ಯೋಜನೆಯನ್ನು ಕೈಬಿಡಬೇಕು. ಇಲ್ಲದಿದ್ದರೆ ರಾಜ್ಯಾದ್ಯಂತ ಹೋರಾಟ ರೂಪಿಸಲಾಗುವುದು ಎಂದು ಎಚ್ಚರಿಸಿದರು. ಸಂಘಟನೆಯ ಪದಾಧಿಕಾರಿಗಳು ಹಾಜರಿದ್ದರು.
ಬಳಸಲು ಸಾಕಷ್ಟು ಅವಕಾಶ ಇದೆ. ಅದನ್ನು ಬಿಟ್ಟು ಪಶ್ಚಿಮಘಟ್ಟದ ಹೃದಯಭಾಗವನ್ನು ಬಗೆಯಲು ಹೊರಟಿರುವುದು ಸರಿಯಲ್ಲ ಎಂದು ಪ್ರತಿಪಾದಿಸಿದರು. ಪಂಪ್ಡ್ ಸ್ಟೋರೇಜ್ ಯೋಜನೆಯಿಂದ ಉತ್ಪಾದನೆಯಾಗುವ ವಿದ್ಯುತ್ ಪ್ರಮಾಣಕ್ಕಿಂತ ಬಳಕೆಯಾಗುವ ವಿದ್ಯುತ್ ಹೆಚ್ಚಿದೆ. ಸುದ್ದಿಗೋಷ್ಠಿಯಲ್ಲಿ ಅಖಿಲೇಶ್ ಚಿಪ್ಳಿ, ಬಿ.ಎಚ್. ರಾಘವೇಂದ್ರ, ಡಾ. ಕೃಷ್ಣಮೂರ್ತಿ, ಪರಿಸರಾಸಕ್ತರು ಹಾಜರಿದ್ದರು.
ಆರೋಗ್ಯದ ಬಗ್ಗೆ ಕಾಳಜಿ ವಹಿಸಿ: ಮಾಧವ ಕೃಷ್ಣ ಭಟ್
ಸ್ವಾಗರ: ಇತ್ತೀಚಿನ ದಿನಗಳಲ್ಲಿ ಹೆಚ್ಚುತ್ತಿರುವ ಒತ್ತಡದ ಜೀವನಶೈಲಿಯಿಂದ ಹಲವು ರೋಗಗಳು ಕಾಣಿಸಿಕೊಳ್ಳುತ್ತಿವೆ. ಆದ್ದರಿಂದ ಪ್ರತಿಯೊಬ್ಬರೂ ಆರೋಗ್ಯದ ಬಗ್ಗೆ ಕಾಳಜಿ ವಹಿಸಬೇಕು ಎಂದು ಮಾಧವ ಕೃಷ್ಣ ಭಟ್ ಹೇಳಿದರು. ಇಲ್ಲಿನ ಸಮುದಾಯ ಭವನದಲ್ಲಿ ಆಯೋಜಿಸಿದ್ದ ಉಚಿತ ಆರೋಗ್ಯ ತಪಾಸಣಾ ಶಿಬಿರ ಉದ್ಘಾಟಿಸಿ ಮಾತನಾಡಿದ ಅವರು, ನಿಯಮಿತ ತಪಾಸಣೆ ಮೂಲಕ ರೋಗಗಳನ್ನು ಆರಂಭದಲ್ಲೇ ಪತ್ತೆ ಹಚ್ಚಿ ಚಿಕಿತ್ಸೆ ಪಡೆಯಬಹುದು. ಗ್ರಾಮೀಣ ಪ್ರದೇಶದ ಜನರಿಗೆ ಇಂತಹ ಶಿಬಿರಗಳು ಹೆಚ್ಚು ಉಪಯುಕ್ತ ಎಂದರು. ಶಿಬಿರದಲ್ಲಿ ನೂರಾರು ಜನರು ತಪಾಸಣೆ ಮಾಡಿಸಿಕೊಂಡರು. ವೈದ್ಯರು, ಆರೋಗ್ಯ ಸಿಬ್ಬಂದಿ ಹಾಗೂ ಸಂಘದ ಪದಾಧಿಕಾರಿಗಳು ಉಪಸ್ಥಿತರಿದ್ದರು.
ಬಿಪಿ, ಶುಗರ್ ಮತ್ತು ಇತರೆ ಉಚಿತ ತಪಾಸಣೆ ಶಿಬಿರವನ್ನು ಆಯೋಜಿಸಲಾಗಿತ್ತು. ಸುಮಾರು 25 ವರ್ಷಗಳಿಂದ ನಿರಂತರವಾಗಿ ಈ ಶಿಬಿರ ನಡೆಸಲಾಗುತ್ತಿದೆ. 150ಕ್ಕೂ ಹೆಚ್ಚು ಜನರು ಶಿಬಿರದ ಪ್ರಯೋಜನ ಪಡೆದರು. ಡಾ. ರಾಜೇಶ್ ಕೃಷ್ಣ ಪ್ರತಿಯೊಬ್ಬರಿಗೂ ತಪಾಸಣೆ ನಡೆಸಿದರು.
ಸ್ವಾಗರ: ಇತ್ತೀಚಿನ ದಿನಗಳಲ್ಲಿ ಹೆಚ್ಚುತ್ತಿರುವ ಒತ್ತಡದ ಜೀವನಶೈಲಿಯಿಂದ ಹಲವು ರೋಗಗಳು ಕಾಣಿಸಿಕೊಳ್ಳುತ್ತಿವೆ. ಆದ್ದರಿಂದ ಪ್ರತಿಯೊಬ್ಬರೂ ಆರೋಗ್ಯದ ಬಗ್ಗೆ ಕಾಳಜಿ ವಹಿಸಬೇಕು ಎಂದು ಮಾಧವ ಕೃಷ್ಣ ಭಟ್ ಹೇಳಿದರು. ಇಲ್ಲಿನ ಸಮುದಾಯ ಭವನದಲ್ಲಿ ಆಯೋಜಿಸಿದ್ದ ಉಚಿತ ಆರೋಗ್ಯ ತಪಾಸಣಾ ಶಿಬಿರ ಉದ್ಘಾಟಿಸಿ ಮಾತನಾಡಿದ ಅವರು, ನಿಯಮಿತ ತಪಾಸಣೆ ಮೂಲಕ ರೋಗಗಳನ್ನು ಆರಂಭದಲ್ಲೇ ಪತ್ತೆ ಹಚ್ಚಿ ಚಿಕಿತ್ಸೆ ಪಡೆಯಬಹುದು. ಗ್ರಾಮೀಣ ಪ್ರದೇಶದ ಜನರಿಗೆ ಇಂತಹ ಶಿಬಿರಗಳು ಹೆಚ್ಚು ಉಪಯುಕ್ತ ಎಂದರು. ಶಿಬಿರದಲ್ಲಿ ನೂರಾರು ಜನರು ತಪಾಸಣೆ ಮಾಡಿಸಿಕೊಂಡರು. ವೈದ್ಯರು, ಆರೋಗ್ಯ ಸಿಬ್ಬಂದಿ ಹಾಗೂ ಸಂಘದ ಪದಾಧಿಕಾರಿಗಳು ಉಪಸ್ಥಿತರಿದ್ದರು.
